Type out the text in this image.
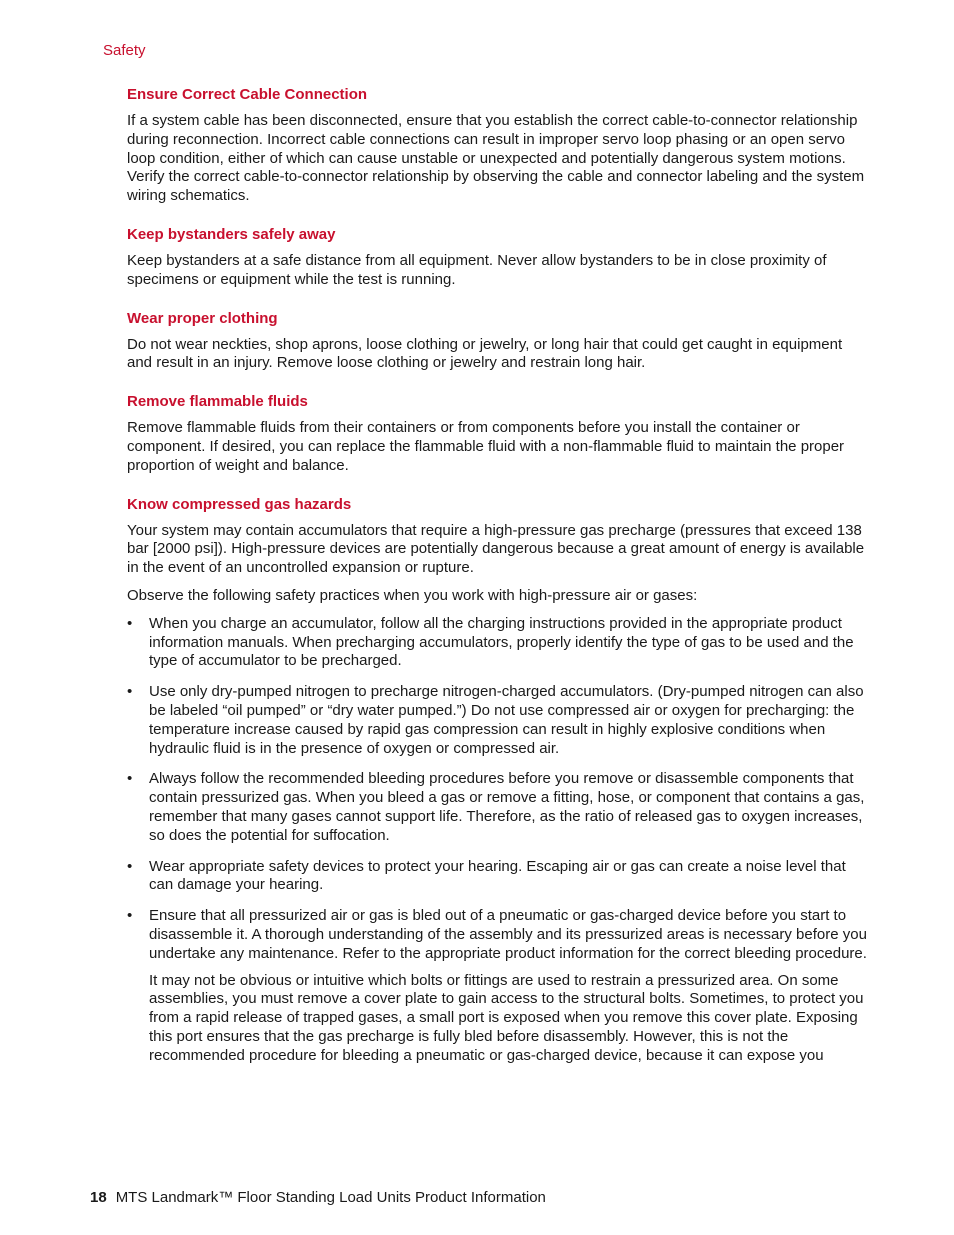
Safety
Ensure Correct Cable Connection

If a system cable has been disconnected, ensure that you establish the correct cable-to-connector relationship during reconnection. Incorrect cable connections can result in improper servo loop phasing or an open servo loop condition, either of which can cause unstable or unexpected and potentially dangerous system motions. Verify the correct cable-to-connector relationship by observing the cable and connector labeling and the system wiring schematics.

Keep bystanders safely away

Keep bystanders at a safe distance from all equipment. Never allow bystanders to be in close proximity of specimens or equipment while the test is running.

Wear proper clothing

Do not wear neckties, shop aprons, loose clothing or jewelry, or long hair that could get caught in equipment and result in an injury. Remove loose clothing or jewelry and restrain long hair.

Remove flammable fluids

Remove flammable fluids from their containers or from components before you install the container or component. If desired, you can replace the flammable fluid with a non-flammable fluid to maintain the proper proportion of weight and balance.

Know compressed gas hazards

Your system may contain accumulators that require a high-pressure gas precharge (pressures that exceed 138 bar [2000 psi]). High-pressure devices are potentially dangerous because a great amount of energy is available in the event of an uncontrolled expansion or rupture.

Observe the following safety practices when you work with high-pressure air or gases:

•	When you charge an accumulator, follow all the charging instructions provided in the appropriate product information manuals. When precharging accumulators, properly identify the type of gas to be used and the type of accumulator to be precharged.
•	Use only dry-pumped nitrogen to precharge nitrogen-charged accumulators. (Dry-pumped nitrogen can also be labeled “oil pumped” or “dry water pumped.”) Do not use compressed air or oxygen for precharging: the temperature increase caused by rapid gas compression can result in highly explosive conditions when hydraulic fluid is in the presence of oxygen or compressed air.
•	Always follow the recommended bleeding procedures before you remove or disassemble components that contain pressurized gas. When you bleed a gas or remove a fitting, hose, or component that contains a gas, remember that many gases cannot support life. Therefore, as the ratio of released gas to oxygen increases, so does the potential for suffocation.
•	Wear appropriate safety devices to protect your hearing. Escaping air or gas can create a noise level that can damage your hearing.
•	Ensure that all pressurized air or gas is bled out of a pneumatic or gas-charged device before you start to disassemble it. A thorough understanding of the assembly and its pressurized areas is necessary before you undertake any maintenance. Refer to the appropriate product information for the correct bleeding procedure.

It may not be obvious or intuitive which bolts or fittings are used to restrain a pressurized area. On some assemblies, you must remove a cover plate to gain access to the structural bolts. Sometimes, to protect you from a rapid release of trapped gases, a small port is exposed when you remove this cover plate. Exposing this port ensures that the gas precharge is fully bled before disassembly. However, this is not the recommended procedure for bleeding a pneumatic or gas-charged device, because it can expose you

18 MTS Landmark™ Floor Standing Load Units Product Information
